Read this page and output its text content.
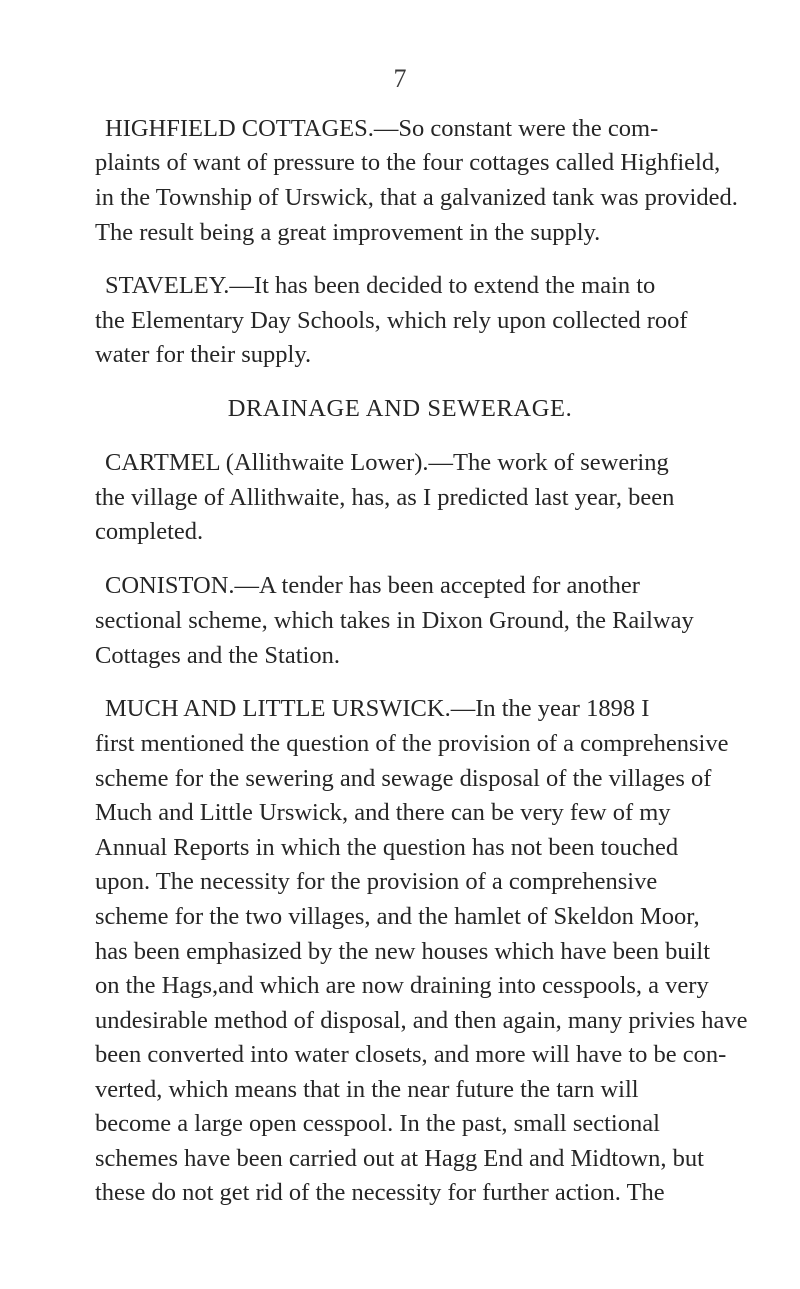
7
HIGHFIELD COTTAGES.—So constant were the com-
plaints of want of pressure to the four cottages called Highfield,
in the Township of Urswick, that a galvanized tank was provided.
The result being a great improvement in the supply.
STAVELEY.—It has been decided to extend the main to
the Elementary Day Schools, which rely upon collected roof
water for their supply.
DRAINAGE AND SEWERAGE.
CARTMEL (Allithwaite Lower).—The work of sewering
the village of Allithwaite, has, as I predicted last year, been
completed.
CONISTON.—A tender has been accepted for another
sectional scheme, which takes in Dixon Ground, the Railway
Cottages and the Station.
MUCH AND LITTLE URSWICK.—In the year 1898 I
first mentioned the question of the provision of a comprehensive
scheme for the sewering and sewage disposal of the villages of
Much and Little Urswick, and there can be very few of my
Annual Reports in which the question has not been touched
upon. The necessity for the provision of a comprehensive
scheme for the two villages, and the hamlet of Skeldon Moor,
has been emphasized by the new houses which have been built
on the Hags,and which are now draining into cesspools, a very
undesirable method of disposal, and then again, many privies have
been converted into water closets, and more will have to be con-
verted, which means that in the near future the tarn will
become a large open cesspool. In the past, small sectional
schemes have been carried out at Hagg End and Midtown, but
these do not get rid of the necessity for further action. The
